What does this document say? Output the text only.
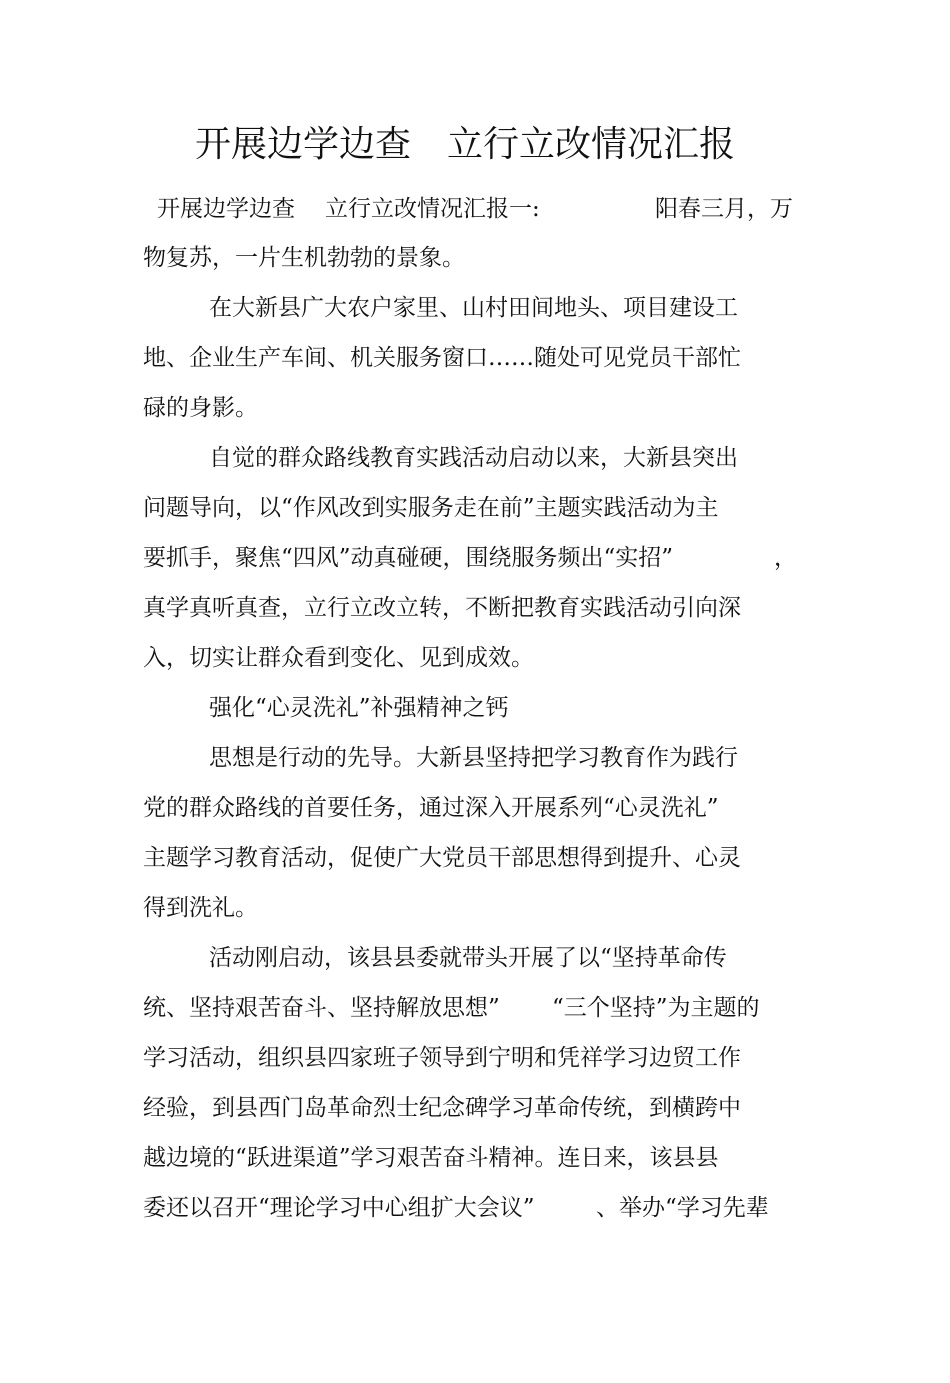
开展边学边查　立行立改情况汇报

开展边学边查

立行立改情况汇报一:

	阳春三月，万

物复苏，一片生机勃勃的景象。

在大新县广大农户家里、山村田间地头、项目建设工

地、企业生产车间、机关服务窗口……随处可见党员干部忙

碌的身影。

自觉的群众路线教育实践活动启动以来，大新县突出

问题导向，以“作风改到实服务走在前”主题实践活动为主

要抓手，聚焦“四风”动真碰硬，围绕服务频出“实招”

	，

真学真听真查，立行立改立转，不断把教育实践活动引向深

入，切实让群众看到变化、见到成效。

强化“心灵洗礼”补强精神之钙

思想是行动的先导。大新县坚持把学习教育作为践行

党的群众路线的首要任务，通过深入开展系列“心灵洗礼”

主题学习教育活动，促使广大党员干部思想得到提升、心灵

得到洗礼。

活动刚启动，该县县委就带头开展了以“坚持革命传

统、坚持艰苦奋斗、坚持解放思想”

“三个坚持”为主题的

学习活动，组织县四家班子领导到宁明和凭祥学习边贸工作

经验，到县西门岛革命烈士纪念碑学习革命传统，到横跨中

越边境的“跃进渠道”学习艰苦奋斗精神。连日来，该县县

委还以召开“理论学习中心组扩大会议”

	、举办“学习先辈
